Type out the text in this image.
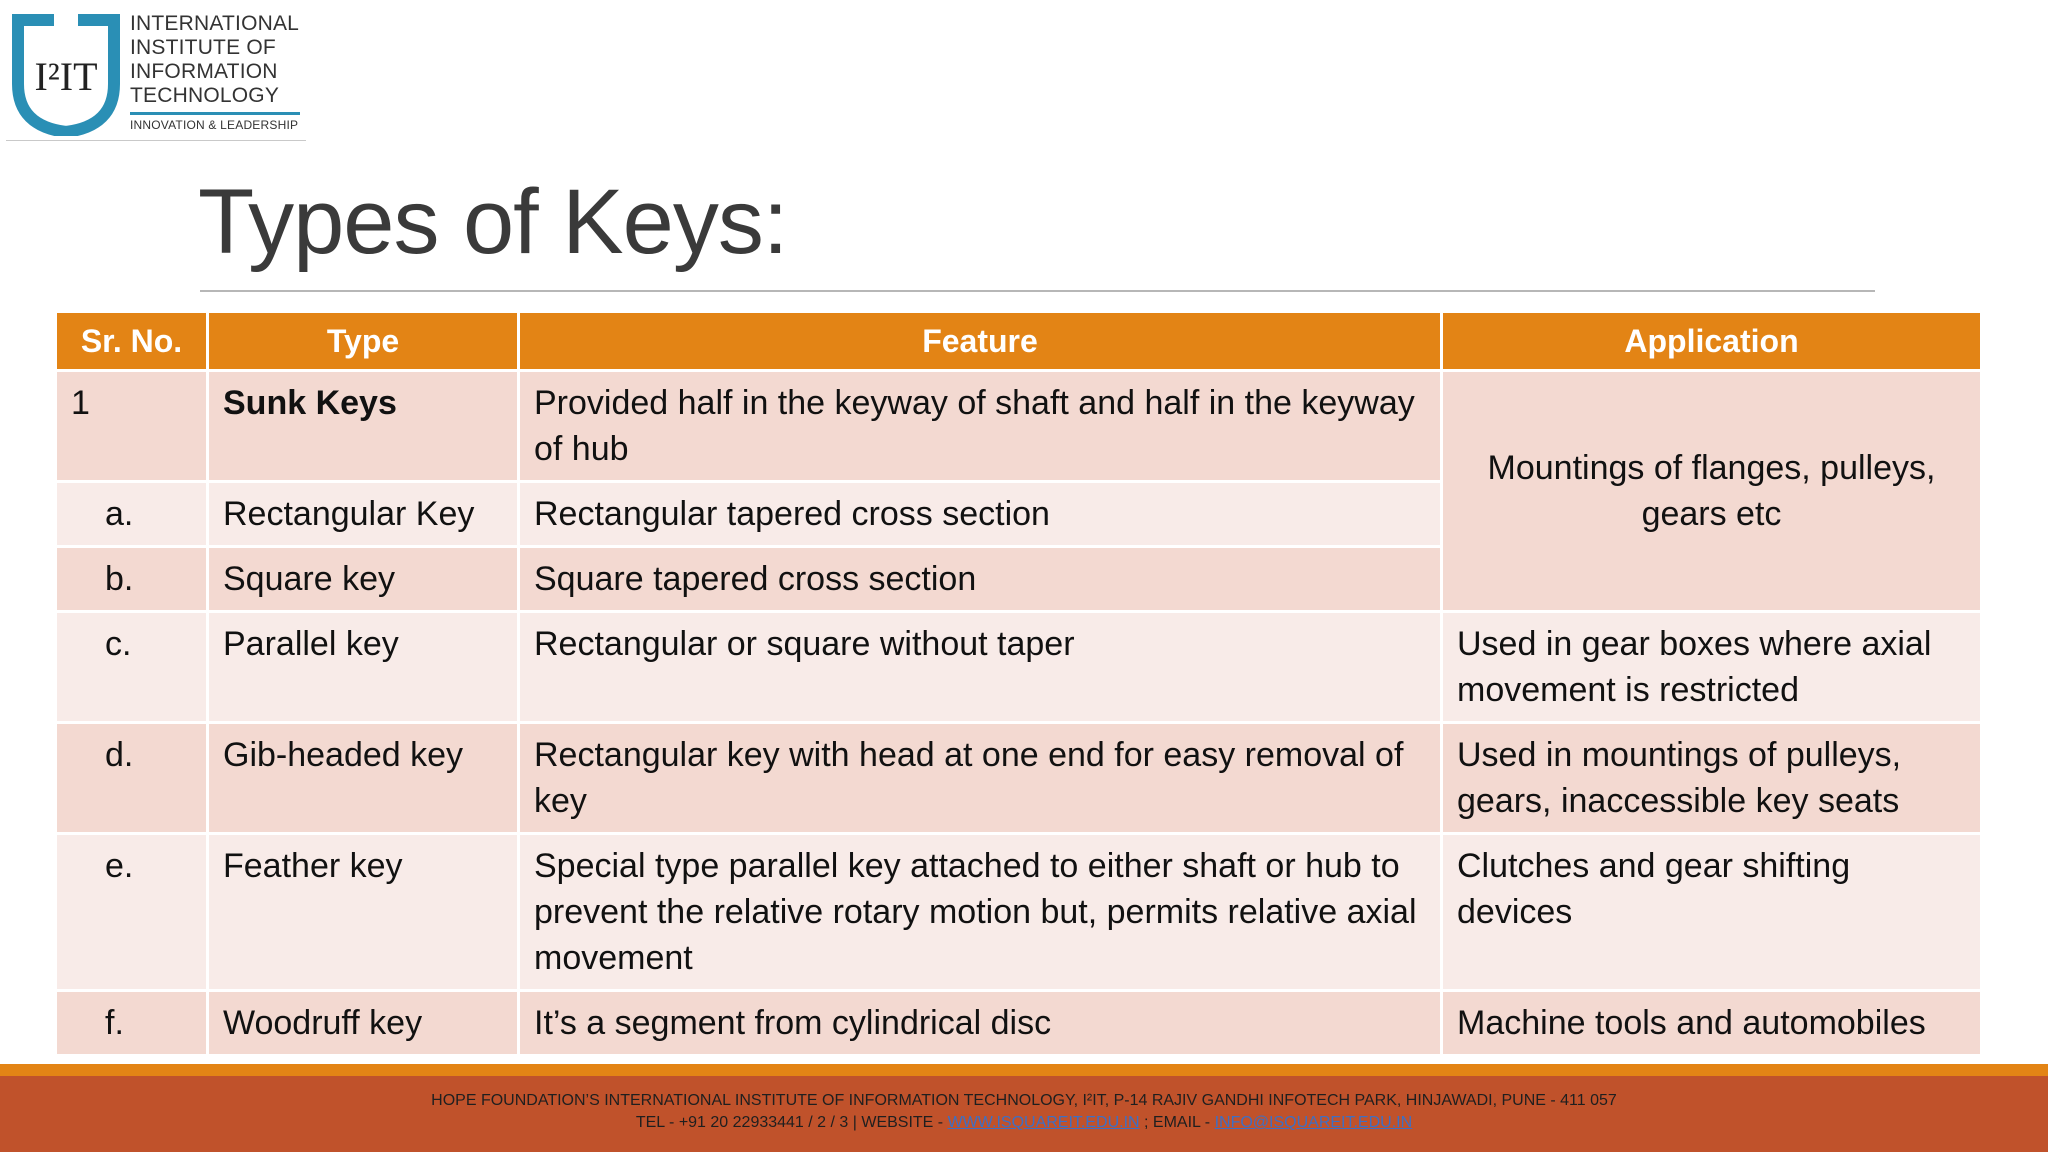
I²IT
INTERNATIONAL
INSTITUTE OF
INFORMATION
TECHNOLOGY
INNOVATION & LEADERSHIP
Types of Keys:
Sr. No.	Type	Feature	Application
1	Sunk Keys	Provided half in the keyway of shaft and half in the keyway of hub	Mountings of flanges, pulleys, gears etc
a.	Rectangular Key	Rectangular tapered cross section	
b.	Square key	Square tapered cross section	
c.	Parallel key	Rectangular or square without taper	Used in gear boxes where axial movement is restricted
d.	Gib-headed key	Rectangular key with head at one end for easy removal of key	Used in mountings of pulleys, gears, inaccessible key seats
e.	Feather key	Special type parallel key attached to either shaft or hub to prevent the relative rotary motion but, permits relative axial movement	Clutches and gear shifting devices
f.	Woodruff key	It’s a segment from cylindrical disc	Machine tools and automobiles
HOPE FOUNDATION’S INTERNATIONAL INSTITUTE OF INFORMATION TECHNOLOGY, I²IT, P-14 RAJIV GANDHI INFOTECH PARK, HINJAWADI, PUNE - 411 057
TEL - +91 20 22933441 / 2 / 3 | WEBSITE - WWW.ISQUAREIT.EDU.IN ; EMAIL - INFO@ISQUAREIT.EDU.IN
